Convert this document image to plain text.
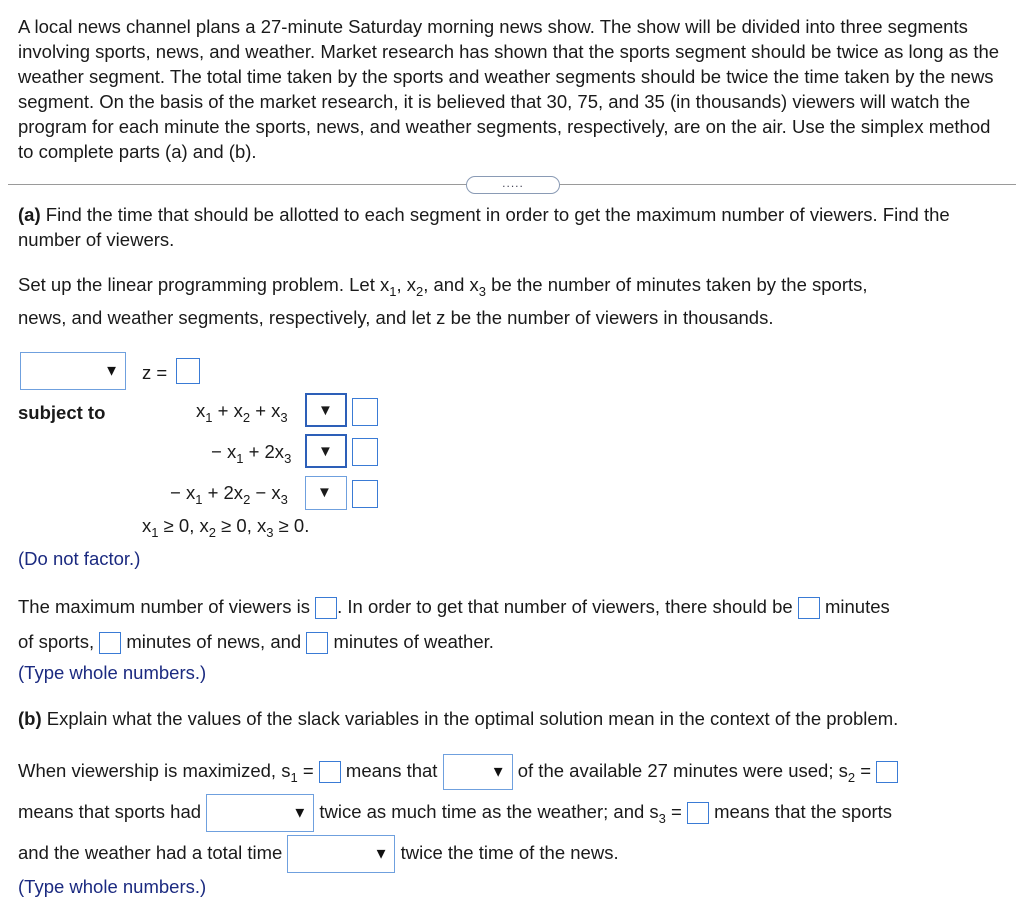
A local news channel plans a 27-minute Saturday morning news show. The show will be divided into three segments involving sports, news, and weather. Market research has shown that the sports segment should be twice as long as the weather segment. The total time taken by the sports and weather segments should be twice the time taken by the news segment. On the basis of the market research, it is believed that 30, 75, and 35 (in thousands) viewers will watch the program for each minute the sports, news, and weather segments, respectively, are on the air. Use the simplex method to complete parts (a) and (b).
.....
(a) Find the time that should be allotted to each segment in order to get the maximum number of viewers. Find the number of viewers.
Set up the linear programming problem. Let $x_1$, $x_2$, and $x_3$ be the number of minutes taken by the sports,
news, and weather segments, respectively, and let z be the number of viewers in thousands.
▼ z =
subject to	$x_1 + x_2 + x_3$ ▼
− $x_1 + 2x_3$ ▼
− $x_1 + 2x_2 - x_3$ ▼
$x_1 \ge 0$, $x_2 \ge 0$, $x_3 \ge 0$.
(Do not factor.)
The maximum number of viewers is . In order to get that number of viewers, there should be minutes
of sports, minutes of news, and minutes of weather.
(Type whole numbers.)
(b) Explain what the values of the slack variables in the optimal solution mean in the context of the problem.
When viewership is maximized, $s_1$ = means that	▼ of the available 27 minutes were used; $s_2$ =
means that sports had	▼ twice as much time as the weather; and $s_3$ = means that the sports
and the weather had a total time	▼ twice the time of the news.
(Type whole numbers.)
